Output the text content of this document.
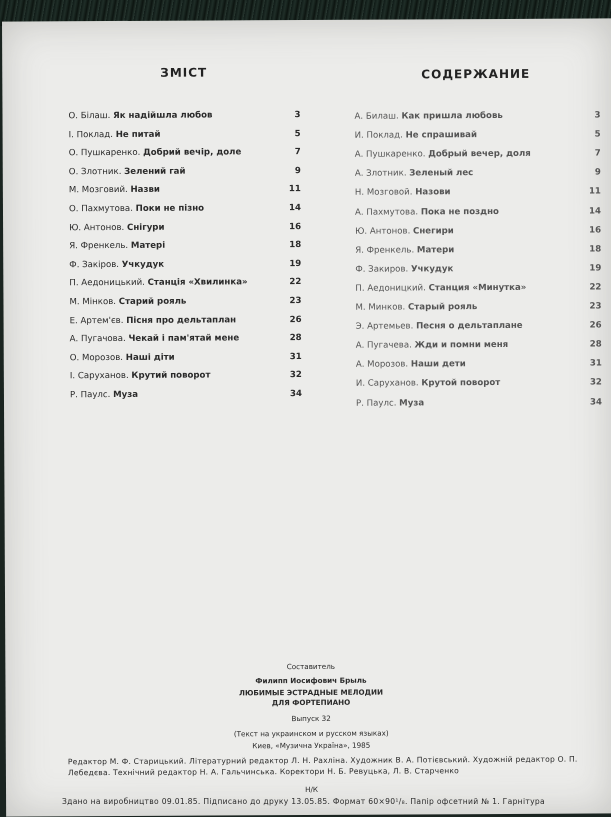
ЗМІСТ	СОДЕРЖАНИЕ
О. Білаш. Як надійшла любов	3
І. Поклад. Не питай	5
О. Пушкаренко. Добрий вечір, доле	7
О. Злотник. Зелений гай	9
М. Мозговий. Назви	11
О. Пахмутова. Поки не пізно	14
Ю. Антонов. Снігури	16
Я. Френкель. Матері	18
Ф. Закіров. Учкудук	19
П. Аедоницький. Станція «Хвилинка»	22
М. Мінков. Старий рояль	23
Е. Артем'єв. Пісня про дельтаплан	26
А. Пугачова. Чекай і пам'ятай мене	28
О. Морозов. Наші діти	31
І. Саруханов. Крутий поворот	32
Р. Паулс. Муза	34
А. Билаш. Как пришла любовь	3
И. Поклад. Не спрашивай	5
А. Пушкаренко. Добрый вечер, доля	7
А. Злотник. Зеленый лес	9
Н. Мозговой. Назови	11
А. Пахмутова. Пока не поздно	14
Ю. Антонов. Снегири	16
Я. Френкель. Матери	18
Ф. Закиров. Учкудук	19
П. Аедоницкий. Станция «Минутка»	22
М. Минков. Старый рояль	23
Э. Артемьев. Песня о дельтаплане	26
А. Пугачева. Жди и помни меня	28
А. Морозов. Наши дети	31
И. Саруханов. Крутой поворот	32
Р. Паулс. Муза	34
Составитель
Филипп Иосифович Брыль
ЛЮБИМЫЕ ЭСТРАДНЫЕ МЕЛОДИИ
ДЛЯ ФОРТЕПИАНО
Выпуск 32
(Текст на украинском и русском языках)
Киев, «Музична Україна», 1985
Редактор М. Ф. Старицький. Літературний редактор Л. Н. Рахліна. Художник В. А. Потієвський. Художній редактор О. П. Лебедєва. Технічний редактор Н. А. Гальчинська. Коректори Н. Б. Ревуцька, Л. В. Старченко
Н/К
Здано на виробництво 09.01.85. Підписано до друку 13.05.85. Формат 60×90¹/₈. Папір офсетний № 1. Гарнітура
